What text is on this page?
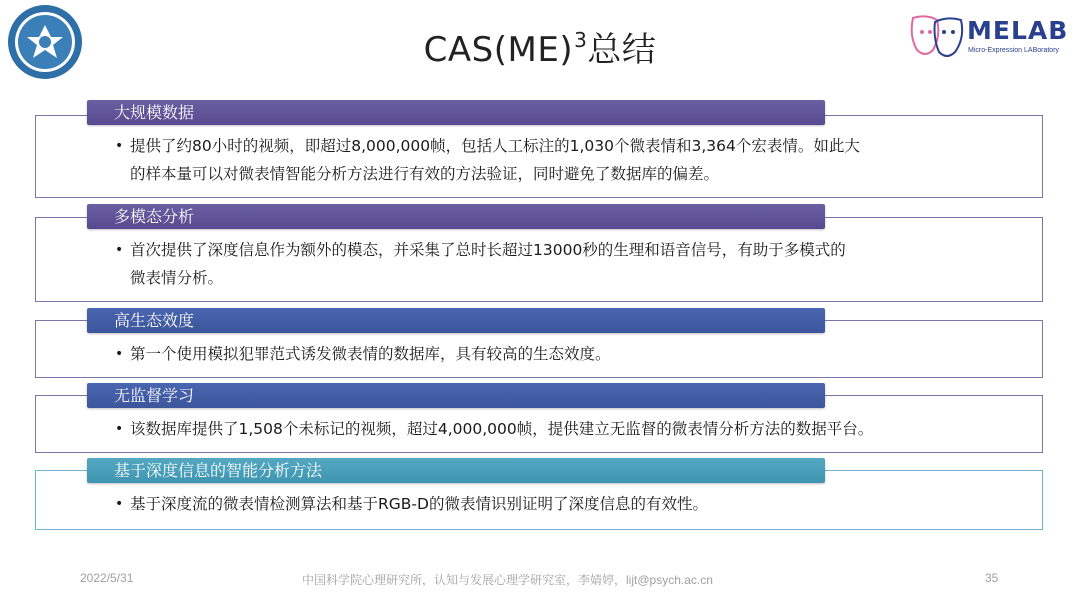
CAS(ME)$^3$总结	MELAB
Micro-Expression LABoratory
大规模数据
• 提供了约80小时的视频，即超过8,000,000帧，包括人工标注的1,030个微表情和3,364个宏表情。如此大
的样本量可以对微表情智能分析方法进行有效的方法验证，同时避免了数据库的偏差。
多模态分析
• 首次提供了深度信息作为额外的模态，并采集了总时长超过13000秒的生理和语音信号，有助于多模式的
微表情分析。
高生态效度
• 第一个使用模拟犯罪范式诱发微表情的数据库，具有较高的生态效度。
无监督学习
• 该数据库提供了1,508个未标记的视频，超过4,000,000帧，提供建立无监督的微表情分析方法的数据平台。
基于深度信息的智能分析方法
• 基于深度流的微表情检测算法和基于RGB-D的微表情识别证明了深度信息的有效性。
2022/5/31	中国科学院心理研究所，认知与发展心理学研究室，李婧婷，lijt@psych.ac.cn	35
